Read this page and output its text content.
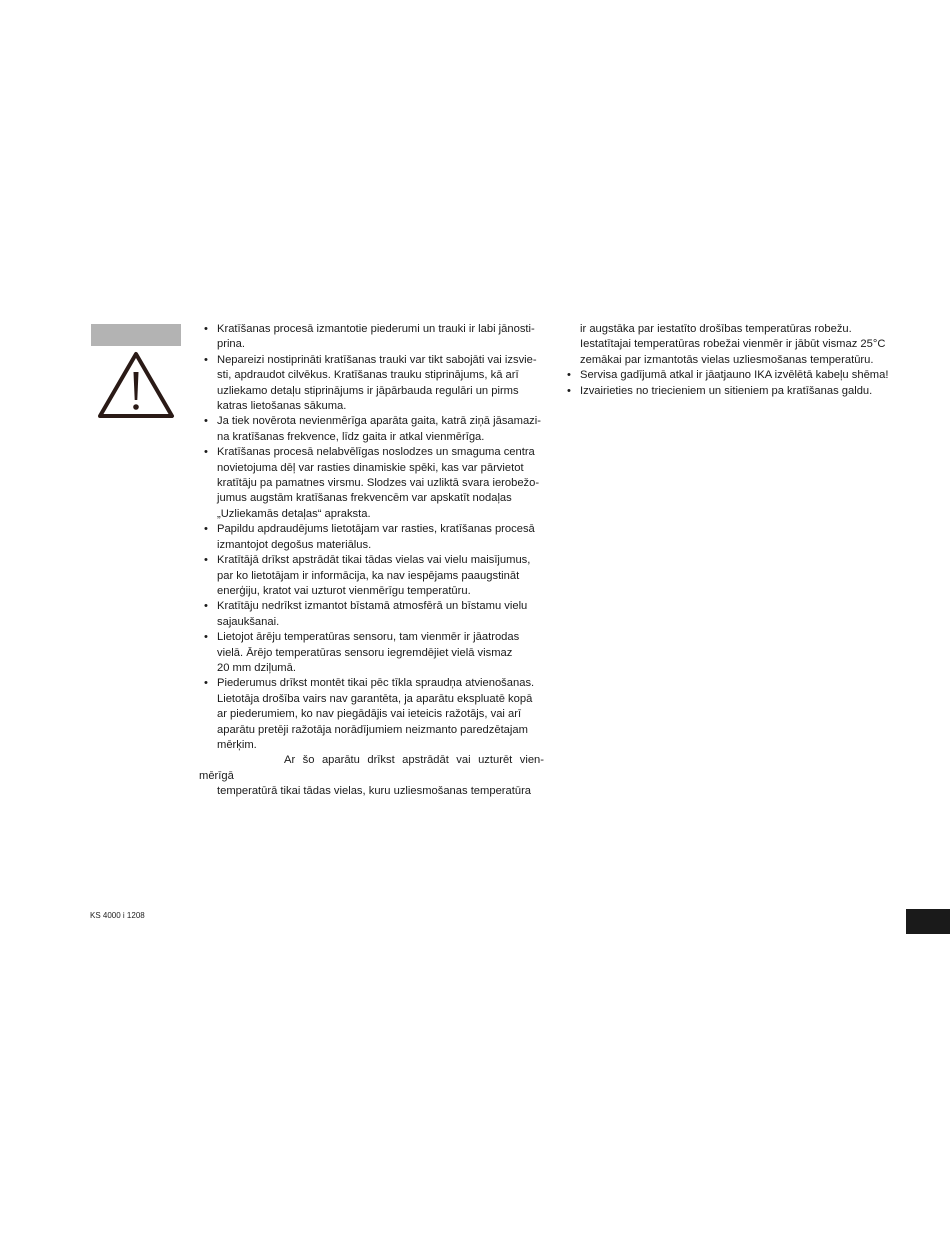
• Kratīšanas procesā izmantotie piederumi un trauki ir labi jānosti-
prina.
• Nepareizi nostiprināti kratīšanas trauki var tikt sabojāti vai izsvie-
sti, apdraudot cilvēkus. Kratīšanas trauku stiprinājums, kā arī
uzliekamo detaļu stiprinājums ir jāpārbauda regulāri un pirms
katras lietošanas sākuma.
• Ja tiek novērota nevienmērīga aparāta gaita, katrā ziņā jāsamazi-
na kratīšanas frekvence, līdz gaita ir atkal vienmērīga.
• Kratīšanas procesā nelabvēlīgas noslodzes un smaguma centra
novietojuma dēļ var rasties dinamiskie spēki, kas var pārvietot
kratītāju pa pamatnes virsmu. Slodzes vai uzliktā svara ierobežo-
jumus augstām kratīšanas frekvencēm var apskatīt nodaļas
„Uzliekamās detaļas“ apraksta.
• Papildu apdraudējums lietotājam var rasties, kratīšanas procesā
izmantojot degošus materiālus.
• Kratītājā drīkst apstrādāt tikai tādas vielas vai vielu maisījumus,
par ko lietotājam ir informācija, ka nav iespējams paaugstināt
enerģiju, kratot vai uzturot vienmērīgu temperatūru.
• Kratītāju nedrīkst izmantot bīstamā atmosfērā un bīstamu vielu
sajaukšanai.
• Lietojot ārēju temperatūras sensoru, tam vienmēr ir jāatrodas
vielā. Ārējo temperatūras sensoru iegremdējiet vielā vismaz
20 mm dziļumā.
• Piederumus drīkst montēt tikai pēc tīkla spraudņa atvienošanas.
Lietotāja drošība vairs nav garantēta, ja aparātu ekspluatē kopā
ar piederumiem, ko nav piegādājis vai ieteicis ražotājs, vai arī
aparātu pretēji ražotāja norādījumiem neizmanto paredzētajam
mērķim.
Ar šo aparātu drīkst apstrādāt vai uzturēt vien-
mērīgā
temperatūrā tikai tādas vielas, kuru uzliesmošanas temperatūra
ir augstāka par iestatīto drošības temperatūras robežu.
Iestatītajai temperatūras robežai vienmēr ir jābūt vismaz 25°C
zemākai par izmantotās vielas uzliesmošanas temperatūru.
• Servisa gadījumā atkal ir jāatjauno IKA izvēlētā kabeļu shēma!
• Izvairieties no triecieniem un sitieniem pa kratīšanas galdu.
KS 4000 i 1208
